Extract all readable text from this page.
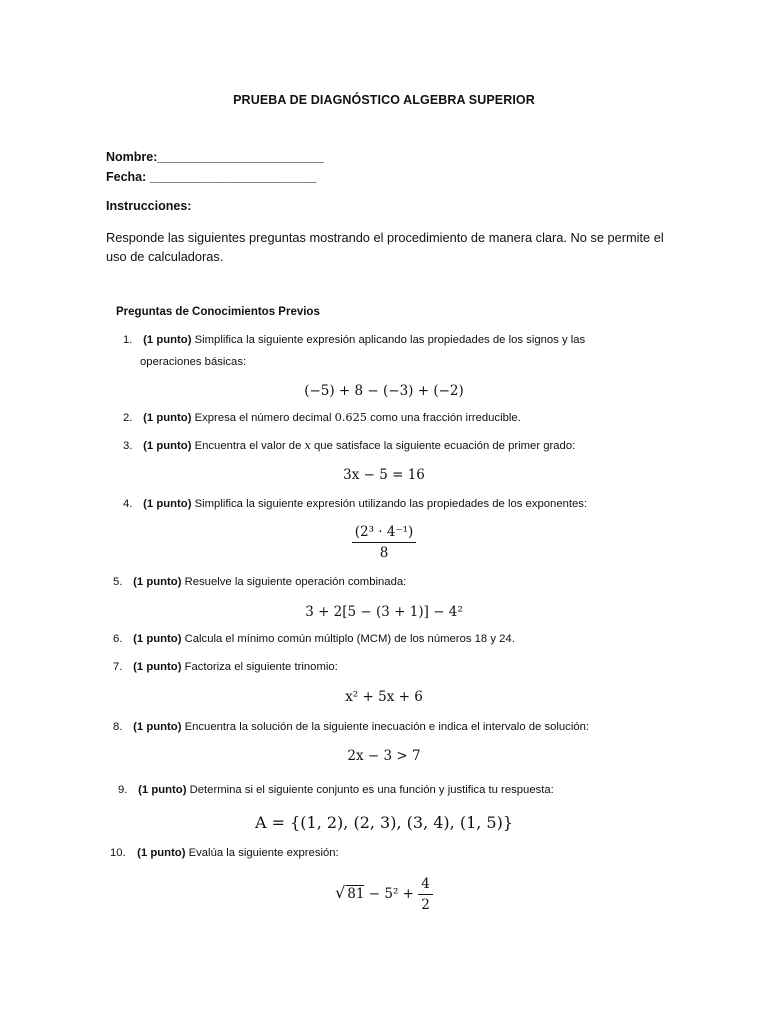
PRUEBA DE DIAGNÓSTICO ALGEBRA SUPERIOR
Nombre:________________________
Fecha: ________________________
Instrucciones:
Responde las siguientes preguntas mostrando el procedimiento de manera clara. No se permite el uso de calculadoras.
Preguntas de Conocimientos Previos
1. (1 punto) Simplifica la siguiente expresión aplicando las propiedades de los signos y las
operaciones básicas:
(−5) + 8 − (−3) + (−2)
2. (1 punto) Expresa el número decimal 0.625 como una fracción irreducible.
3. (1 punto) Encuentra el valor de x que satisface la siguiente ecuación de primer grado:
3x − 5 = 16
4. (1 punto) Simplifica la siguiente expresión utilizando las propiedades de los exponentes:
$\frac{\text{(2³ · 4⁻¹)}}{8}$
5. (1 punto) Resuelve la siguiente operación combinada:
3 + 2[5 − (3 + 1)] − 4²
6. (1 punto) Calcula el mínimo común múltiplo (MCM) de los números 18 y 24.
7. (1 punto) Factoriza el siguiente trinomio:
x² + 5x + 6
8. (1 punto) Encuentra la solución de la siguiente inecuación e indica el intervalo de solución:
2x − 3 > 7
9. (1 punto) Determina si el siguiente conjunto es una función y justifica tu respuesta:
A = {(1, 2), (2, 3), (3, 4), (1, 5)}
10. (1 punto) Evalúa la siguiente expresión:
√ $81 - 5^2 + \frac{4}{2}$
